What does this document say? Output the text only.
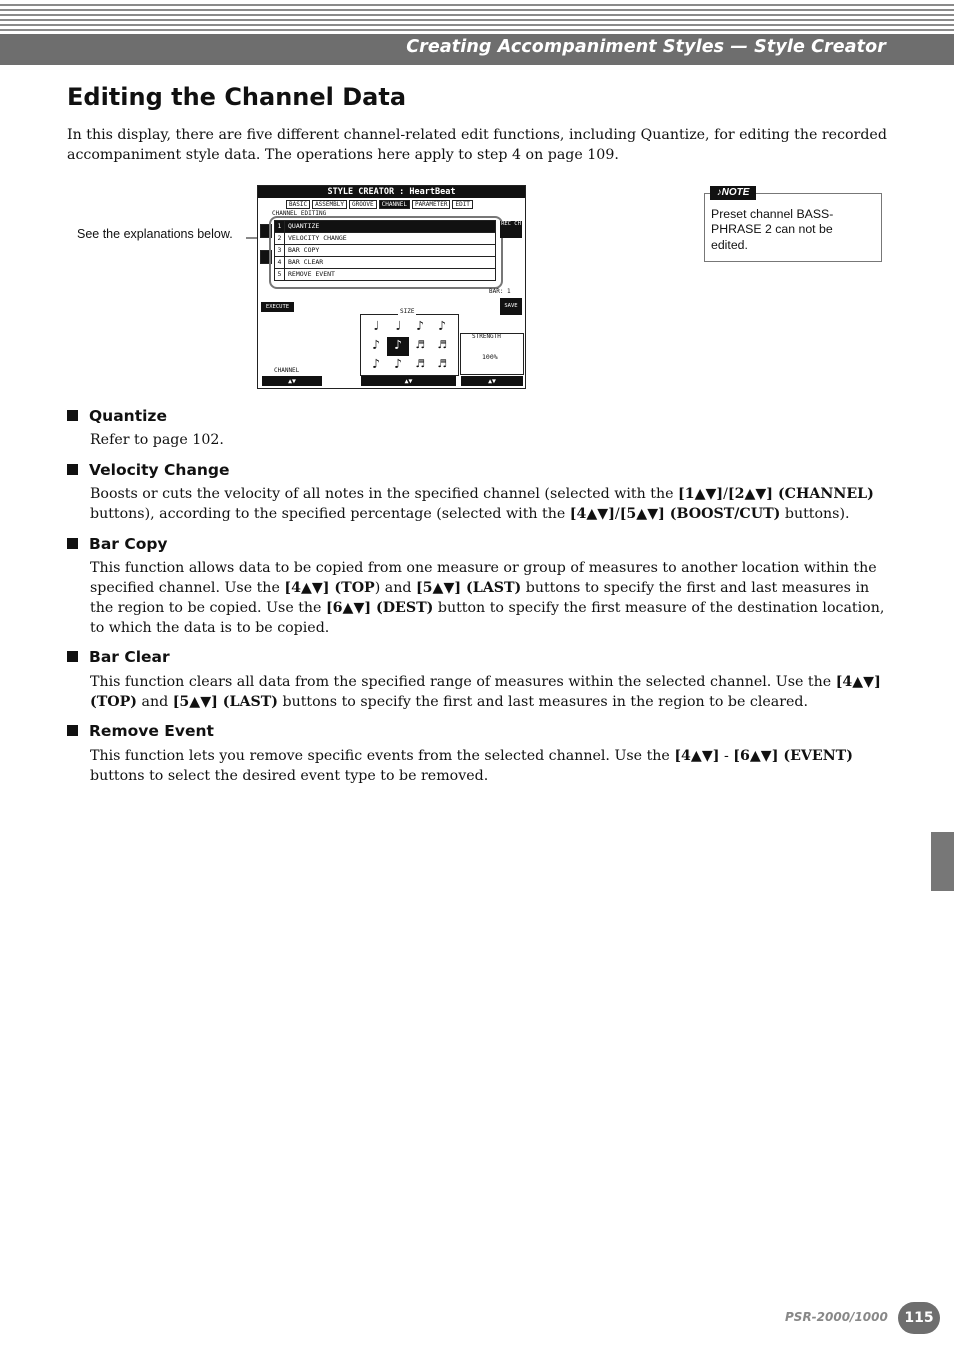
Creating Accompaniment Styles — Style Creator
Editing the Channel Data
In this display, there are five different channel-related edit functions, including Quantize, for editing the recorded accompaniment style data. The operations here apply to step 4 on page 109.
See the explanations below.
STYLE CREATOR : HeartBeat
BASIC	ASSEMBLY	GROOVE	CHANNEL	PARAMETER	EDIT
CHANNEL EDITING
1	QUANTIZE
2	VELOCITY CHANGE
3	BAR COPY
4	BAR CLEAR
5	REMOVE EVENT
REC CH
BAR: 1
SAVE
EXECUTE
♩	♩	♪	♪
♪	♪	♬	♬
♪	♪	♬	♬
SIZE
STRENGTH
100%
CHANNEL
▲▼	▲▼	▲▼
♪NOTE
Preset channel BASS-PHRASE 2 can not be edited.
Quantize
Refer to page 102.
Velocity Change
Boosts or cuts the velocity of all notes in the specified channel (selected with the [1▲▼]/[2▲▼] (CHANNEL) buttons), according to the specified percentage (selected with the [4▲▼]/[5▲▼] (BOOST/CUT) buttons).
Bar Copy
This function allows data to be copied from one measure or group of measures to another location within the specified channel. Use the [4▲▼] (TOP) and [5▲▼] (LAST) buttons to specify the first and last measures in the region to be copied. Use the [6▲▼] (DEST) button to specify the first measure of the destination location, to which the data is to be copied.
Bar Clear
This function clears all data from the specified range of measures within the selected channel. Use the [4▲▼] (TOP) and [5▲▼] (LAST) buttons to specify the first and last measures in the region to be cleared.
Remove Event
This function lets you remove specific events from the selected channel. Use the [4▲▼] - [6▲▼] (EVENT) buttons to select the desired event type to be removed.
PSR-2000/1000	115
